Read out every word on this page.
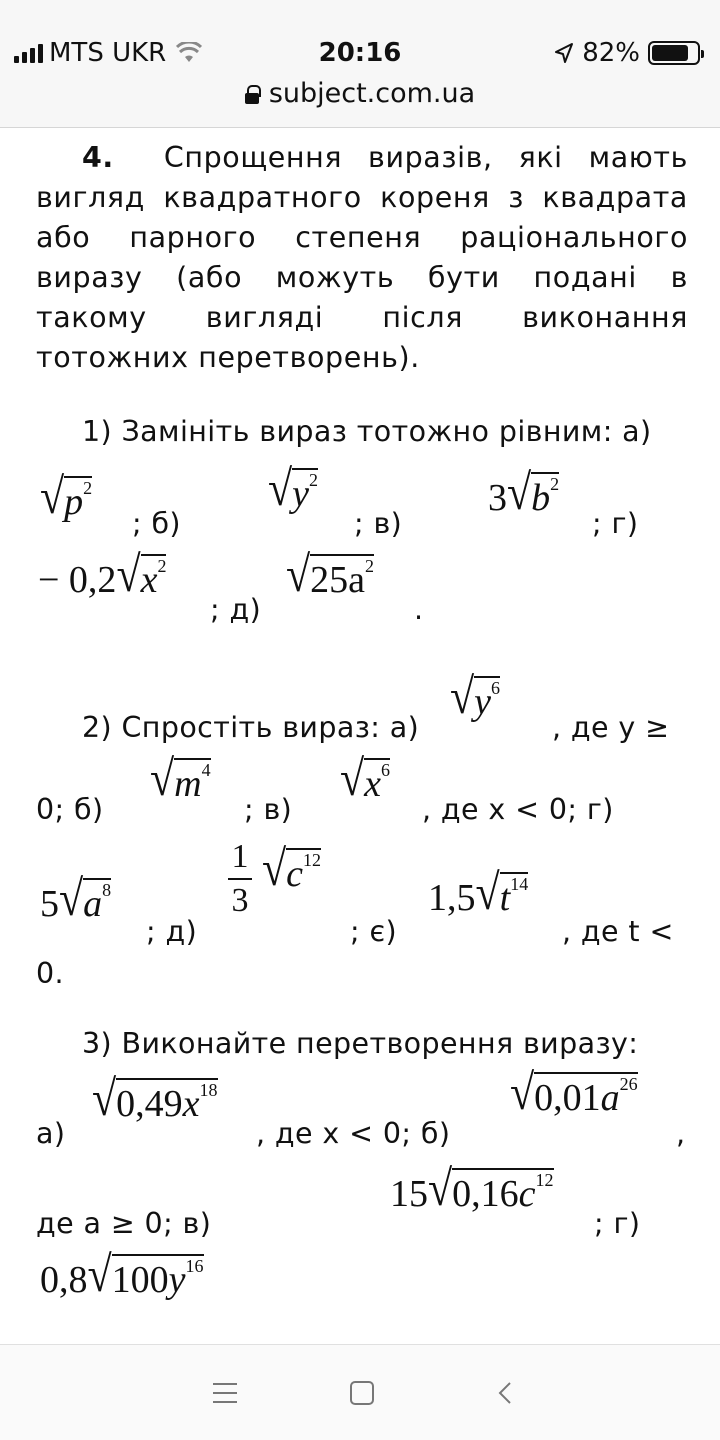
MTS UKR	20:16	82%
subject.com.ua
4. Спрощення виразів, які мають вигляд квадратного кореня з квадрата або парного степеня раціонального виразу (або можуть бути подані в такому вигляді після виконання тотожних перетворень).
1) Замініть вираз тотожно рівним: а)
$√p^2$
; б)
$√y^2$
; в)
$3√b^2$
; г)
− $0,2√x^2$
; д)
$√25a^2$
.
2) Спростіть вираз: а)
$√y^6$
, де y ≥
0; б)
$√m^4$
; в)
$√x^6$
, де x < 0; г)
$5√a^8$
; д)
1
3
$√c^{12}$
; є)
$1,5√t^{14}$
, де t <
0.
3) Виконайте перетворення виразу:
а)
$√0,49x^{18}$
, де x < 0; б)
$√0,01a^{26}$
,
де a ≥ 0; в)
$15√0,16c^{12}$
; г)
$0,8√100y^{16}$
